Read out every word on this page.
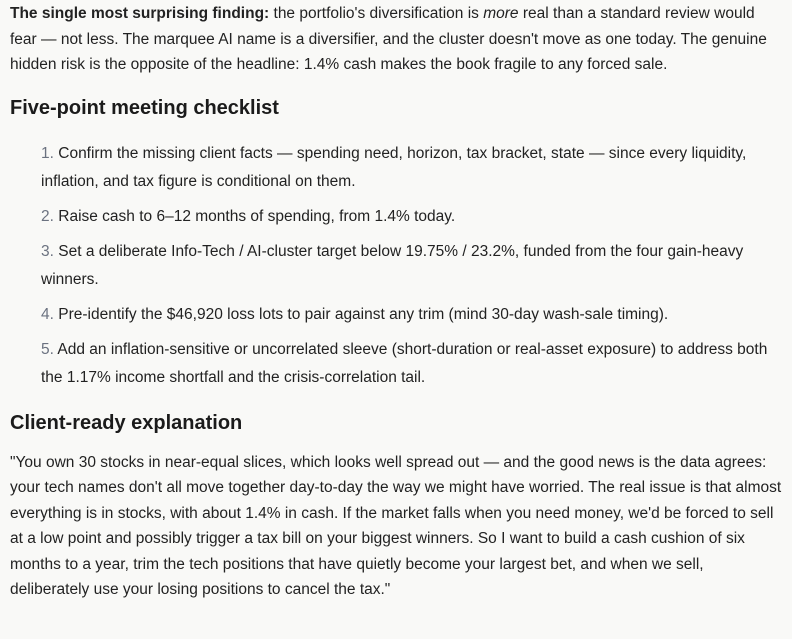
The single most surprising finding: the portfolio's diversification is more real than a standard review would fear — not less. The marquee AI name is a diversifier, and the cluster doesn't move as one today. The genuine hidden risk is the opposite of the headline: 1.4% cash makes the book fragile to any forced sale.

Five-point meeting checklist
1. Confirm the missing client facts — spending need, horizon, tax bracket, state — since every liquidity, inflation, and tax figure is conditional on them.
2. Raise cash to 6–12 months of spending, from 1.4% today.
3. Set a deliberate Info-Tech / AI-cluster target below 19.75% / 23.2%, funded from the four gain-heavy winners.
4. Pre-identify the $46,920 loss lots to pair against any trim (mind 30-day wash-sale timing).
5. Add an inflation-sensitive or uncorrelated sleeve (short-duration or real-asset exposure) to address both the 1.17% income shortfall and the crisis-correlation tail.
Client-ready explanation

"You own 30 stocks in near-equal slices, which looks well spread out — and the good news is the data agrees: your tech names don't all move together day-to-day the way we might have worried. The real issue is that almost everything is in stocks, with about 1.4% in cash. If the market falls when you need money, we'd be forced to sell at a low point and possibly trigger a tax bill on your biggest winners. So I want to build a cash cushion of six months to a year, trim the tech positions that have quietly become your largest bet, and when we sell, deliberately use your losing positions to cancel the tax."
